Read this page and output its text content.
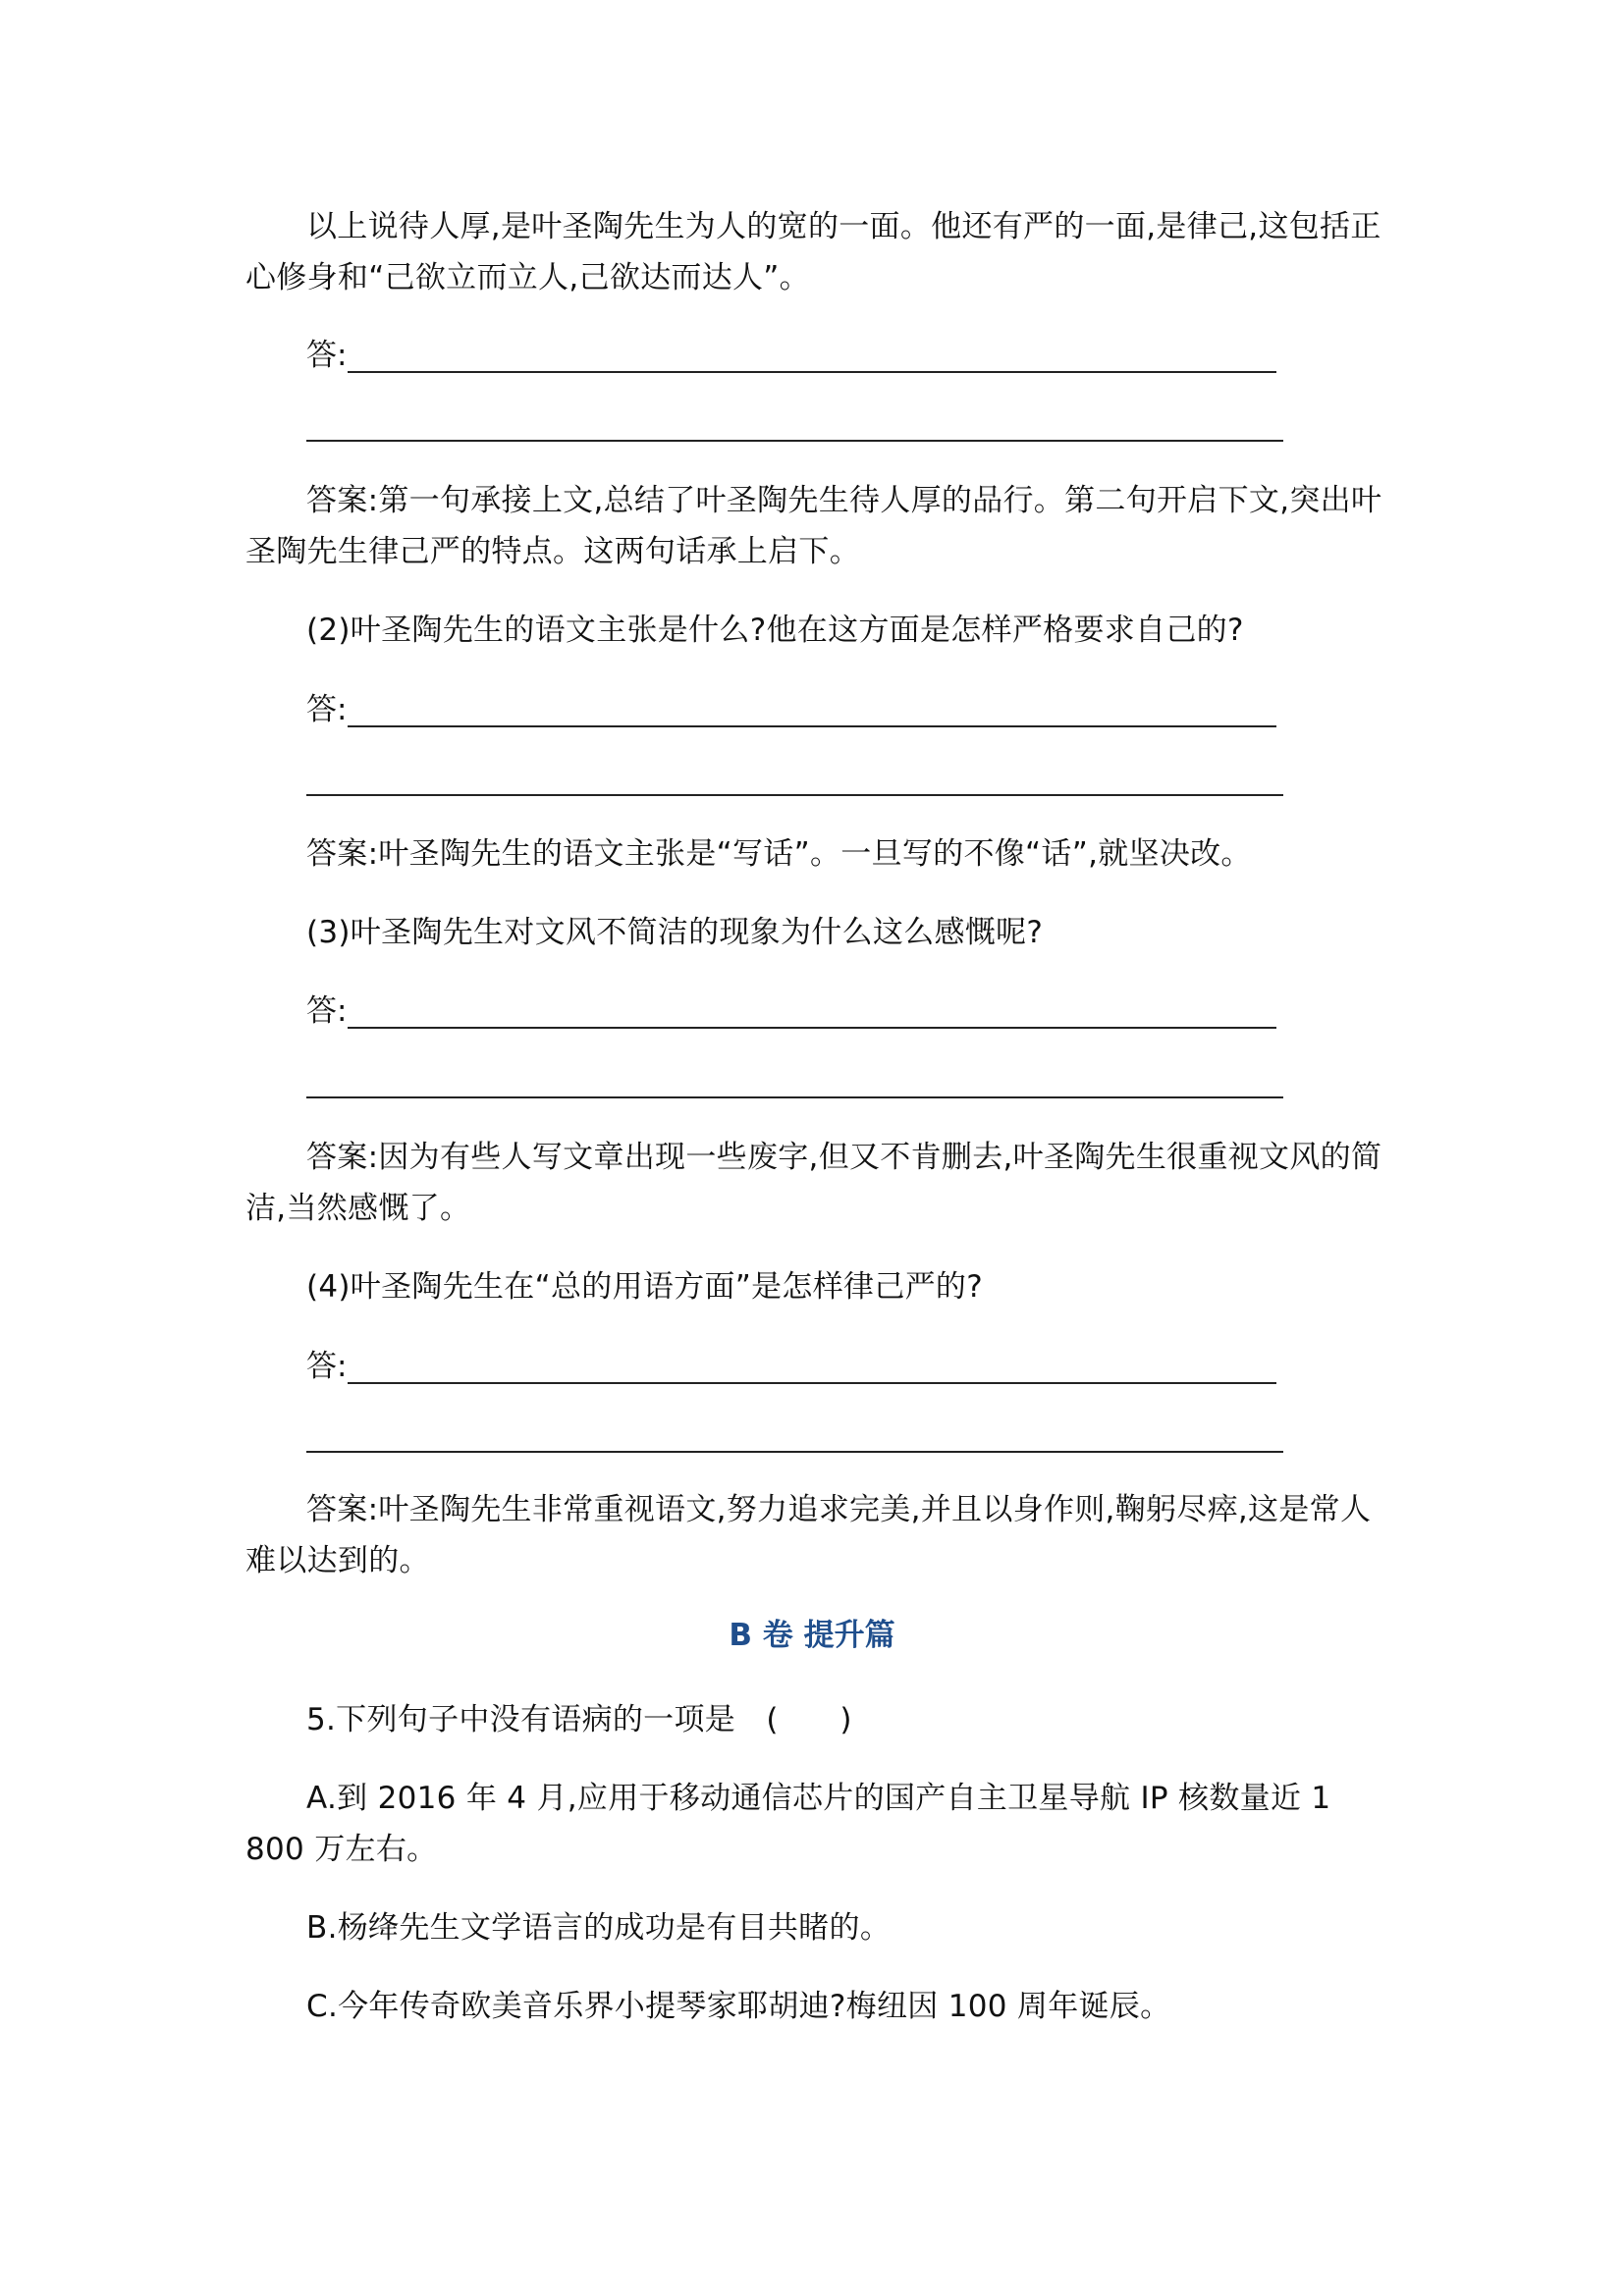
以上说待人厚,是叶圣陶先生为人的宽的一面。他还有严的一面,是律己,这包括正心修身和“己欲立而立人,己欲达而达人”。

答:

答案:第一句承接上文,总结了叶圣陶先生待人厚的品行。第二句开启下文,突出叶圣陶先生律己严的特点。这两句话承上启下。

(2)叶圣陶先生的语文主张是什么?他在这方面是怎样严格要求自己的?

答:

答案:叶圣陶先生的语文主张是“写话”。一旦写的不像“话”,就坚决改。

(3)叶圣陶先生对文风不简洁的现象为什么这么感慨呢?

答:

答案:因为有些人写文章出现一些废字,但又不肯删去,叶圣陶先生很重视文风的简洁,当然感慨了。

(4)叶圣陶先生在“总的用语方面”是怎样律己严的?

答:

答案:叶圣陶先生非常重视语文,努力追求完美,并且以身作则,鞠躬尽瘁,这是常人难以达到的。

B 卷 提升篇

5.下列句子中没有语病的一项是　(　　)

A.到 2016 年 4 月,应用于移动通信芯片的国产自主卫星导航 IP 核数量近 1 800 万左右。

B.杨绛先生文学语言的成功是有目共睹的。

C.今年传奇欧美音乐界小提琴家耶胡迪?梅纽因 100 周年诞辰。
